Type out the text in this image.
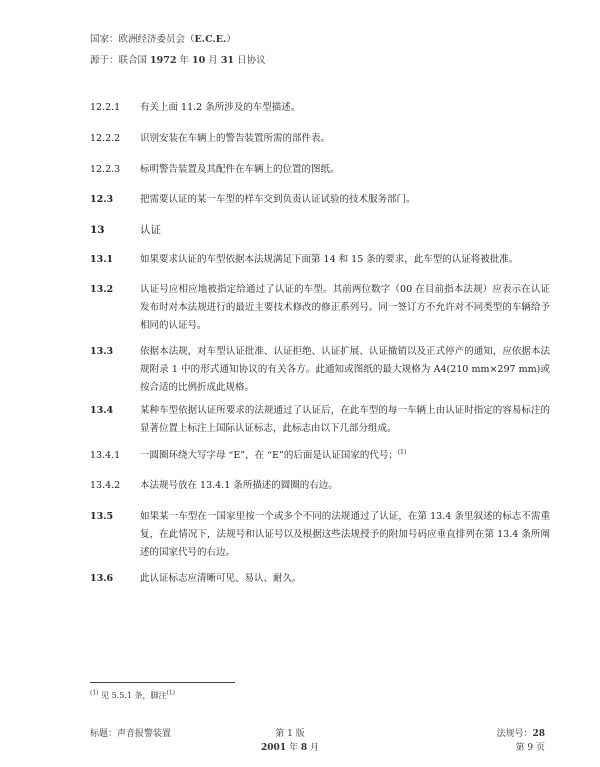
国家：欧洲经济委员会（E.C.E.）
源于：联合国 1972 年 10 月 31 日协议
12.2.1	有关上面 11.2 条所涉及的车型描述。
12.2.2	识别安装在车辆上的警告装置所需的部件表。
12.2.3	标明警告装置及其配件在车辆上的位置的图纸。
12.3	把需要认证的某一车型的样车交到负责认证试验的技术服务部门。
13	认证
13.1	如果要求认证的车型依据本法规满足下面第 14 和 15 条的要求，此车型的认证将被批准。
13.2	认证号应相应地被指定给通过了认证的车型。其前两位数字（00 在目前指本法规）应表示在认证发布时对本法规进行的最近主要技术修改的修正系列号。同一签订方不允许对不同类型的车辆给予相同的认证号。
13.3	依据本法规，对车型认证批准、认证拒绝、认证扩展、认证撤销以及正式停产的通知，应依据本法规附录 1 中的形式通知协议的有关各方。此通知或图纸的最大规格为 A4(210 mm×297 mm)或按合适的比例折成此规格。
13.4	某种车型依据认证所要求的法规通过了认证后，在此车型的每一车辆上由认证时指定的容易标注的显著位置上标注上国际认证标志，此标志由以下几部分组成。
13.4.1	一圆圈环绕大写字母 “E”，在 “E”的后面是认证国家的代号；$^{(1)}$
13.4.2	本法规号放在 13.4.1 条所描述的圆圈的右边。
13.5	如果某一车型在一国家里按一个或多个不同的法规通过了认证，在第 13.4 条里叙述的标志不需重复，在此情况下，法规号和认证号以及根据这些法规授予的附加号码应垂直排列在第 13.4 条所阐述的国家代号的右边。
13.6	此认证标志应清晰可见、易认、耐久。
$^{(1)}$ 见 5.5.1 条，脚注$^{(1)}$
标题：声音报警装置	第 1 版
2001 年 8 月
法规号：28
第 9 页
